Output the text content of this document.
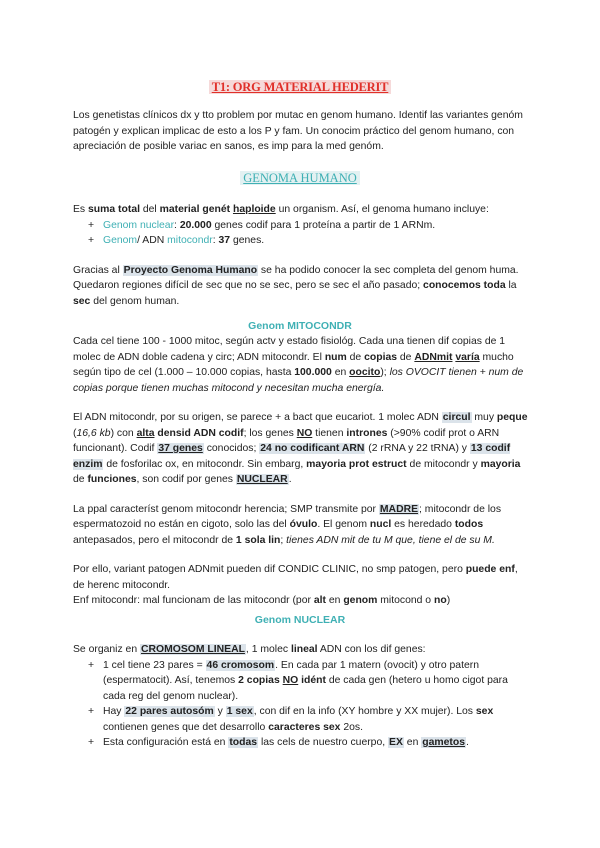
T1: ORG MATERIAL HEDERIT

Los genetistas clínicos dx y tto problem por mutac en genom humano. Identif las variantes genóm patogén y explican implicac de esto a los P y fam. Un conocim práctico del genom humano, con apreciación de posible variac en sanos, es imp para la med genóm.

GENOMA HUMANO

Es suma total del material genét haploide un organism. Así, el genoma humano incluye:

+ Genom nuclear: 20.000 genes codif para 1 proteína a partir de 1 ARNm.
+ Genom/ ADN mitocondr: 37 genes.

Gracias al Proyecto Genoma Humano se ha podido conocer la sec completa del genom huma. Quedaron regiones difícil de sec que no se sec, pero se sec el año pasado; conocemos toda la sec del genom human.

Genom MITOCONDR

Cada cel tiene 100 - 1000 mitoc, según actv y estado fisiológ. Cada una tienen dif copias de 1 molec de ADN doble cadena y circ; ADN mitocondr. El num de copias de ADNmit varía mucho según tipo de cel (1.000 – 10.000 copias, hasta 100.000 en oocito); los OVOCIT tienen + num de copias porque tienen muchas mitocond y necesitan mucha energía.

El ADN mitocondr, por su origen, se parece + a bact que eucariot. 1 molec ADN circul muy peque (16,6 kb) con alta densid ADN codif; los genes NO tienen intrones (>90% codif prot o ARN funcionant). Codif 37 genes conocidos; 24 no codificant ARN (2 rRNA y 22 tRNA) y 13 codif enzim de fosforilac ox, en mitocondr. Sin embarg, mayoria prot estruct de mitocondr y mayoria de funciones, son codif por genes NUCLEAR.

La ppal característ genom mitocondr herencia; SMP transmite por MADRE; mitocondr de los espermatozoid no están en cigoto, solo las del óvulo. El genom nucl es heredado todos antepasados, pero el mitocondr de 1 sola lin; tienes ADN mit de tu M que, tiene el de su M.

Por ello, variant patogen ADNmit pueden dif CONDIC CLINIC, no smp patogen, pero puede enf, de herenc mitocondr.

Enf mitocondr: mal funcionam de las mitocondr (por alt en genom mitocond o no)

Genom NUCLEAR

Se organiz en CROMOSOM LINEAL, 1 molec lineal ADN con los dif genes:

+ 1 cel tiene 23 pares = 46 cromosom. En cada par 1 matern (ovocit) y otro patern (espermatocit). Así, tenemos 2 copias NO idént de cada gen (hetero u homo cigot para cada reg del genom nuclear).
+ Hay 22 pares autosóm y 1 sex, con dif en la info (XY hombre y XX mujer). Los sex contienen genes que det desarrollo caracteres sex 2os.
+ Esta configuración está en todas las cels de nuestro cuerpo, EX en gametos.
